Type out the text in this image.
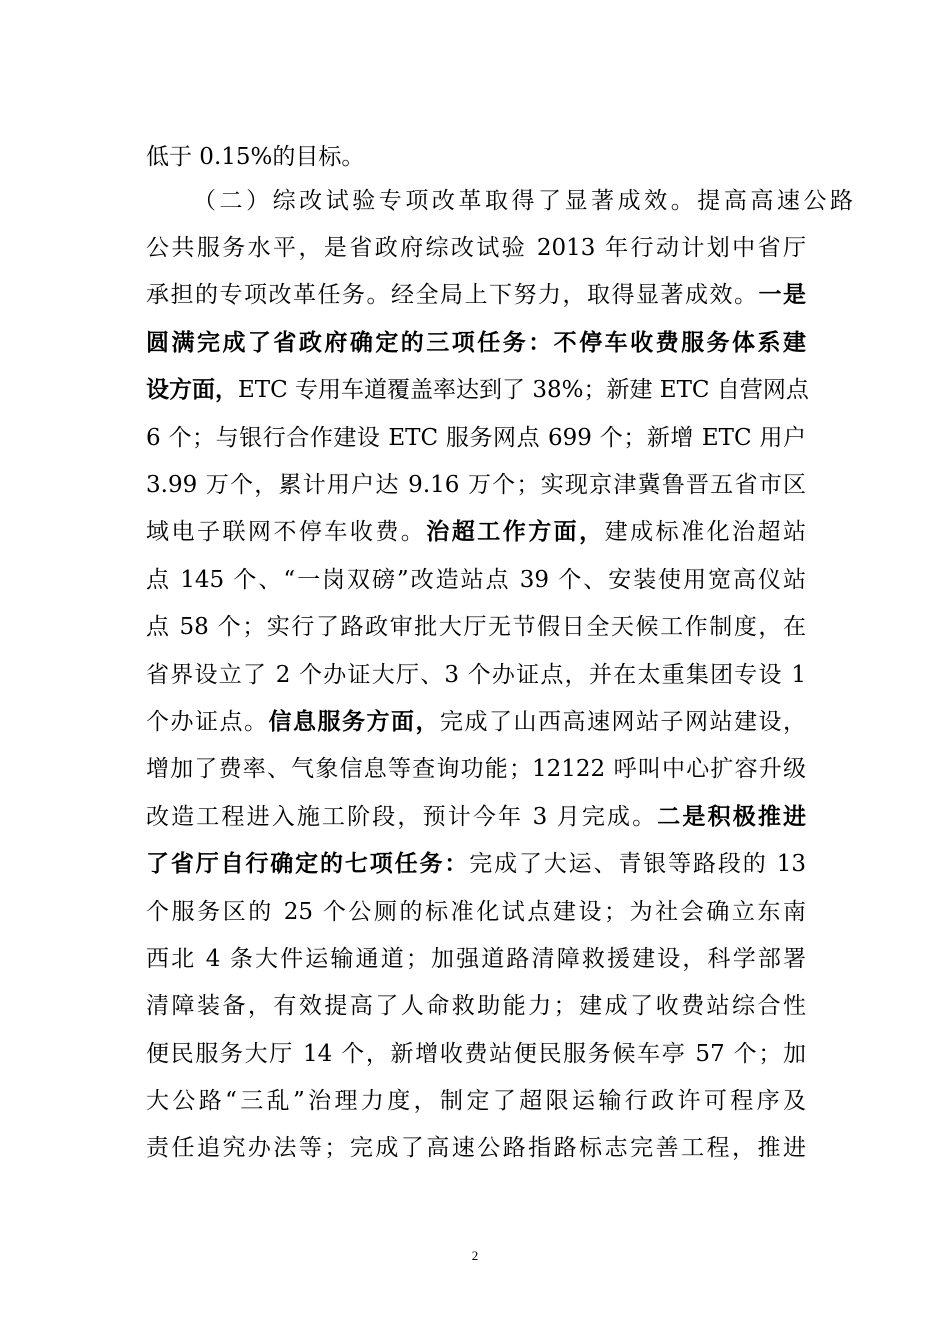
低于 0.15%的目标。
（二）综改试验专项改革取得了显著成效。提高高速公路
公共服务水平，是省政府综改试验 2013 年行动计划中省厅
承担的专项改革任务。经全局上下努力，取得显著成效。一是
圆满完成了省政府确定的三项任务：不停车收费服务体系建
设方面，ETC 专用车道覆盖率达到了 38%；新建 ETC 自营网点
6 个；与银行合作建设 ETC 服务网点 699 个；新增 ETC 用户
3.99 万个，累计用户达 9.16 万个；实现京津冀鲁晋五省市区
域电子联网不停车收费。治超工作方面，建成标准化治超站
点 145 个、“一岗双磅”改造站点 39 个、安装使用宽高仪站
点 58 个；实行了路政审批大厅无节假日全天候工作制度，在
省界设立了 2 个办证大厅、3 个办证点，并在太重集团专设 1
个办证点。信息服务方面，完成了山西高速网站子网站建设，
增加了费率、气象信息等查询功能；12122 呼叫中心扩容升级
改造工程进入施工阶段，预计今年 3 月完成。二是积极推进
了省厅自行确定的七项任务：完成了大运、青银等路段的 13
个服务区的 25 个公厕的标准化试点建设；为社会确立东南
西北 4 条大件运输通道；加强道路清障救援建设，科学部署
清障装备，有效提高了人命救助能力；建成了收费站综合性
便民服务大厅 14 个，新增收费站便民服务候车亭 57 个；加
大公路“三乱”治理力度，制定了超限运输行政许可程序及
责任追究办法等；完成了高速公路指路标志完善工程，推进
2
